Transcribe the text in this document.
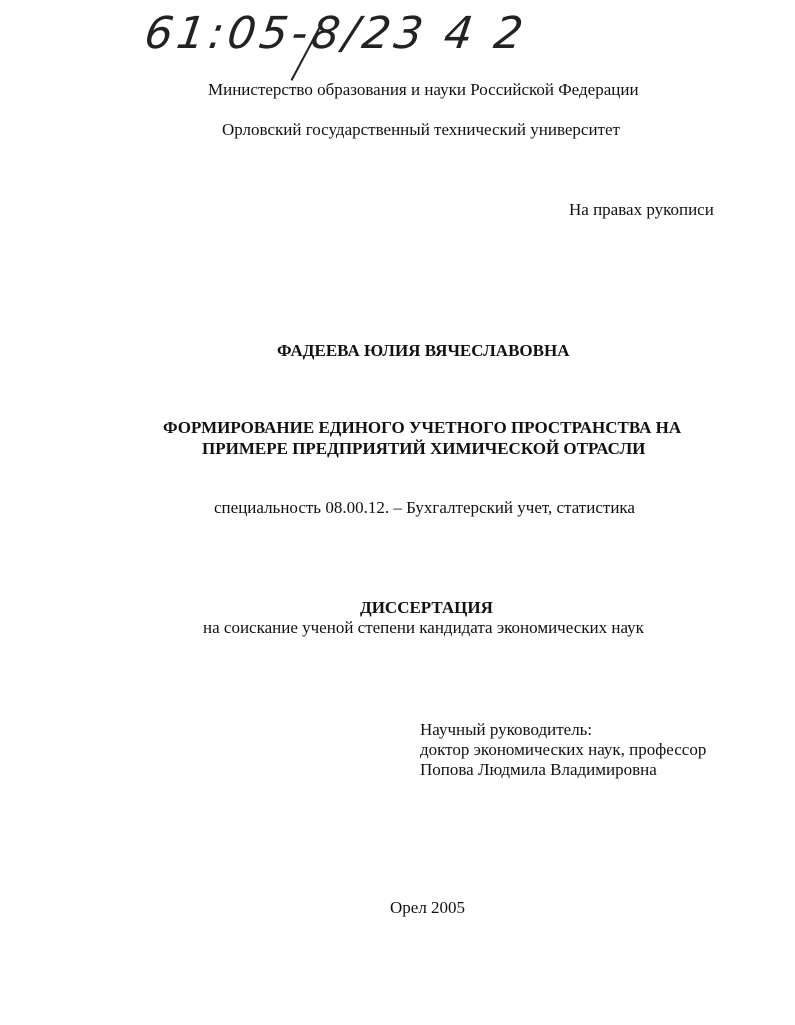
61:05-8/23 4 2
Министерство образования и науки Российской Федерации
Орловский государственный технический университет
На правах рукописи
ФАДЕЕВА ЮЛИЯ ВЯЧЕСЛАВОВНА
ФОРМИРОВАНИЕ ЕДИНОГО УЧЕТНОГО ПРОСТРАНСТВА НА
ПРИМЕРЕ ПРЕДПРИЯТИЙ ХИМИЧЕСКОЙ ОТРАСЛИ
специальность 08.00.12. – Бухгалтерский учет, статистика
ДИССЕРТАЦИЯ
на соискание ученой степени кандидата экономических наук
Научный руководитель:
доктор экономических наук, профессор
Попова Людмила Владимировна
Орел 2005
